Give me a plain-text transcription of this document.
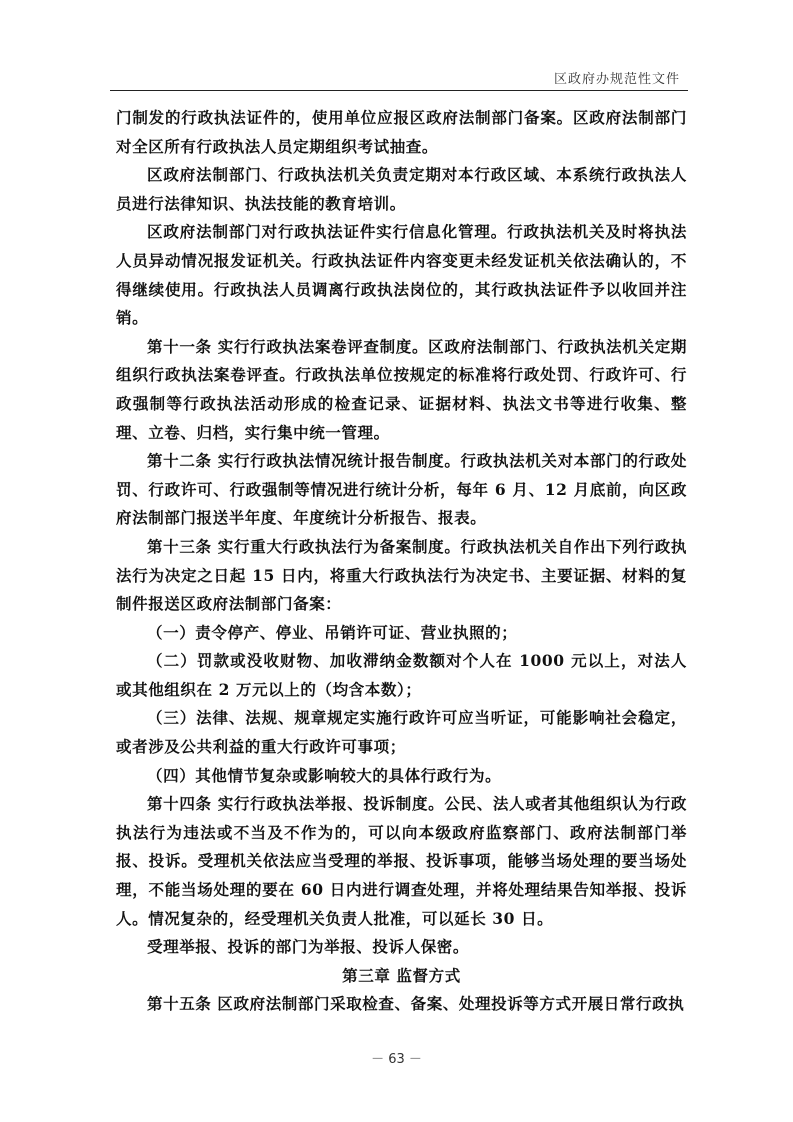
区政府办规范性文件

门制发的行政执法证件的，使用单位应报区政府法制部门备案。区政府法制部门对全区所有行政执法人员定期组织考试抽查。

区政府法制部门、行政执法机关负责定期对本行政区域、本系统行政执法人员进行法律知识、执法技能的教育培训。

区政府法制部门对行政执法证件实行信息化管理。行政执法机关及时将执法人员异动情况报发证机关。行政执法证件内容变更未经发证机关依法确认的，不得继续使用。行政执法人员调离行政执法岗位的，其行政执法证件予以收回并注销。

第十一条 实行行政执法案卷评查制度。区政府法制部门、行政执法机关定期组织行政执法案卷评查。行政执法单位按规定的标准将行政处罚、行政许可、行政强制等行政执法活动形成的检查记录、证据材料、执法文书等进行收集、整理、立卷、归档，实行集中统一管理。

第十二条 实行行政执法情况统计报告制度。行政执法机关对本部门的行政处罚、行政许可、行政强制等情况进行统计分析，每年 6 月、12 月底前，向区政府法制部门报送半年度、年度统计分析报告、报表。

第十三条 实行重大行政执法行为备案制度。行政执法机关自作出下列行政执法行为决定之日起 15 日内，将重大行政执法行为决定书、主要证据、材料的复制件报送区政府法制部门备案：

（一）责令停产、停业、吊销许可证、营业执照的；

（二）罚款或没收财物、加收滞纳金数额对个人在 1000 元以上，对法人或其他组织在 2 万元以上的（均含本数）；

（三）法律、法规、规章规定实施行政许可应当听证，可能影响社会稳定，或者涉及公共利益的重大行政许可事项；

（四）其他情节复杂或影响较大的具体行政行为。

第十四条 实行行政执法举报、投诉制度。公民、法人或者其他组织认为行政执法行为违法或不当及不作为的，可以向本级政府监察部门、政府法制部门举报、投诉。受理机关依法应当受理的举报、投诉事项，能够当场处理的要当场处理，不能当场处理的要在 60 日内进行调查处理，并将处理结果告知举报、投诉人。情况复杂的，经受理机关负责人批准，可以延长 30 日。

受理举报、投诉的部门为举报、投诉人保密。

第三章 监督方式

第十五条 区政府法制部门采取检查、备案、处理投诉等方式开展日常行政执

－ 63 －
